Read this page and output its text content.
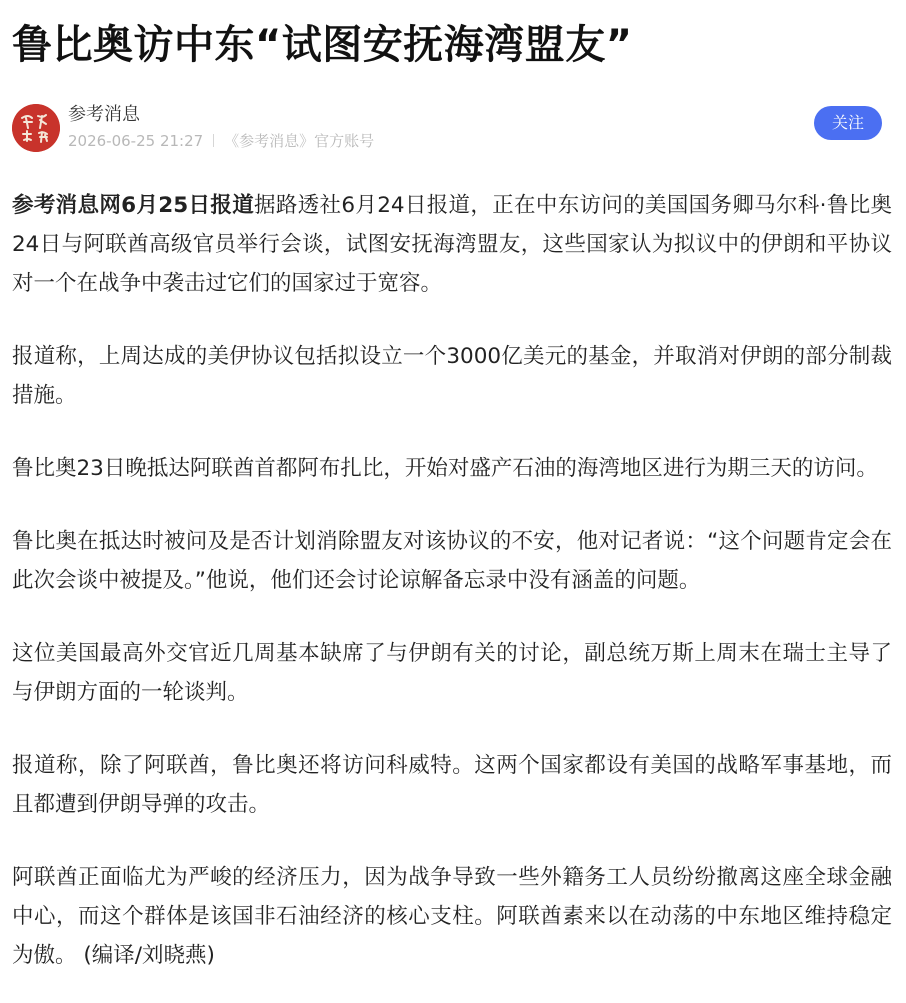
鲁比奥访中东“试图安抚海湾盟友”
参考消息
2026-06-25 21:27 《参考消息》官方账号
关注

参考消息网6月25日报道据路透社6月24日报道，正在中东访问的美国国务卿马尔科·鲁比奥24日与阿联酋高级官员举行会谈，试图安抚海湾盟友，这些国家认为拟议中的伊朗和平协议对一个在战争中袭击过它们的国家过于宽容。

报道称，上周达成的美伊协议包括拟设立一个3000亿美元的基金，并取消对伊朗的部分制裁措施。

鲁比奥23日晚抵达阿联酋首都阿布扎比，开始对盛产石油的海湾地区进行为期三天的访问。

鲁比奥在抵达时被问及是否计划消除盟友对该协议的不安，他对记者说：“这个问题肯定会在此次会谈中被提及。”他说，他们还会讨论谅解备忘录中没有涵盖的问题。

这位美国最高外交官近几周基本缺席了与伊朗有关的讨论，副总统万斯上周末在瑞士主导了与伊朗方面的一轮谈判。

报道称，除了阿联酋，鲁比奥还将访问科威特。这两个国家都设有美国的战略军事基地，而且都遭到伊朗导弹的攻击。

阿联酋正面临尤为严峻的经济压力，因为战争导致一些外籍务工人员纷纷撤离这座全球金融中心，而这个群体是该国非石油经济的核心支柱。阿联酋素来以在动荡的中东地区维持稳定为傲。 (编译/刘晓燕)
